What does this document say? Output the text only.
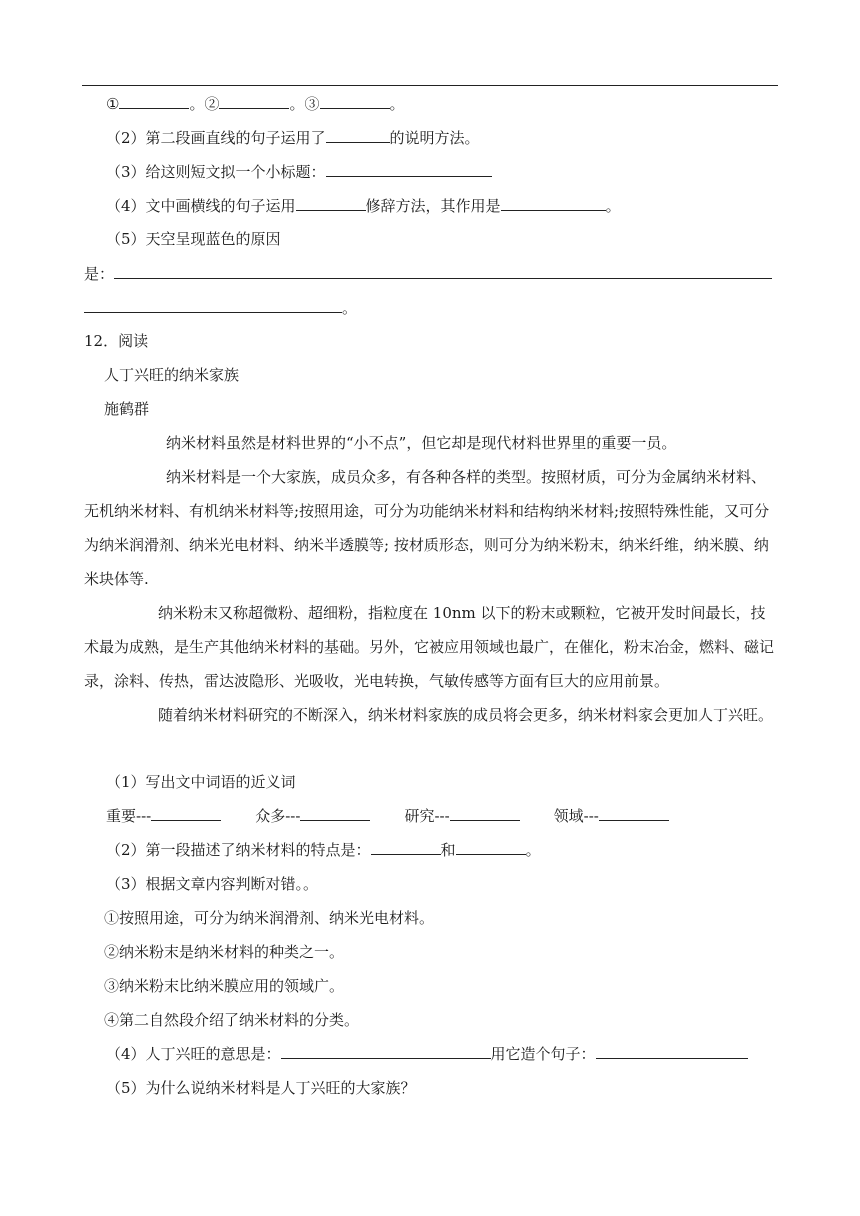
①	。②	。③	。
（2）第二段画直线的句子运用了	的说明方法。
（3）给这则短文拟一个小标题：
（4）文中画横线的句子运用	修辞方法，其作用是	。
（5）天空呈现蓝色的原因
是：
。
12．阅读
人丁兴旺的纳米家族
施鹤群
纳米材料虽然是材料世界的“小不点”，但它却是现代材料世界里的重要一员。
纳米材料是一个大家族，成员众多，有各种各样的类型。按照材质，可分为金属纳米材料、无机纳米材料、有机纳米材料等;按照用途，可分为功能纳米材料和结构纳米材料;按照特殊性能，又可分为纳米润滑剂、纳米光电材料、纳米半透膜等; 按材质形态，则可分为纳米粉末，纳米纤维，纳米膜、纳米块体等.
纳米粉末又称超微粉、超细粉，指粒度在 10nm 以下的粉末或颗粒，它被开发时间最长，技术最为成熟，是生产其他纳米材料的基础。另外，它被应用领域也最广，在催化，粉末冶金，燃料、磁记录，涂料、传热，雷达波隐形、光吸收，光电转换，气敏传感等方面有巨大的应用前景。
随着纳米材料研究的不断深入，纳米材料家族的成员将会更多，纳米材料家会更加人丁兴旺。
（1）写出文中词语的近义词
重要---	众多---	研究---	领域---
（2）第一段描述了纳米材料的特点是：	和	。
（3）根据文章内容判断对错。。
①按照用途，可分为纳米润滑剂、纳米光电材料。
②纳米粉末是纳米材料的种类之一。
③纳米粉末比纳米膜应用的领域广。
④第二自然段介绍了纳米材料的分类。
（4）人丁兴旺的意思是：	用它造个句子：
（5）为什么说纳米材料是人丁兴旺的大家族？
